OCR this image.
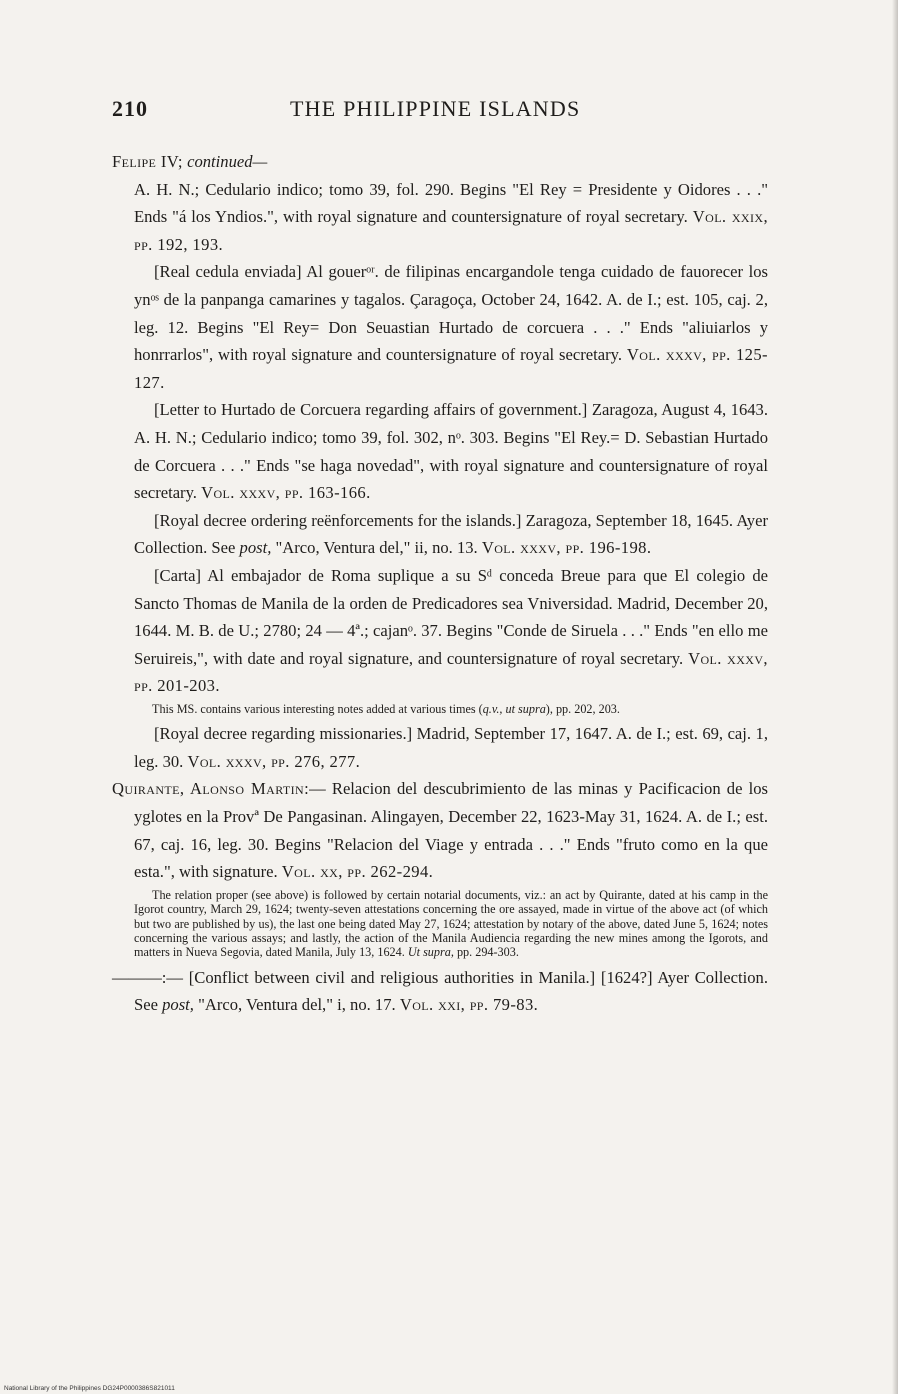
210	THE PHILIPPINE ISLANDS
Felipe IV; continued—
A. H. N.; Cedulario indico; tomo 39, fol. 290. Begins "El Rey = Presidente y Oidores . . ." Ends "á los Yndios.", with royal signature and countersignature of royal secretary. Vol. xxix, pp. 192, 193.
[Real cedula enviada] Al gouerᵒʳ. de filipinas encargandole tenga cuidado de fauorecer los ynᵒˢ de la panpanga camarines y tagalos. Çaragoça, October 24, 1642. A. de I.; est. 105, caj. 2, leg. 12. Begins "El Rey= Don Seuastian Hurtado de corcuera . . ." Ends "aliuiarlos y honrrarlos", with royal signature and countersignature of royal secretary. Vol. xxxv, pp. 125-127.
[Letter to Hurtado de Corcuera regarding affairs of government.] Zaragoza, August 4, 1643. A. H. N.; Cedulario indico; tomo 39, fol. 302, nᵒ. 303. Begins "El Rey.= D. Sebastian Hurtado de Corcuera . . ." Ends "se haga novedad", with royal signature and countersignature of royal secretary. Vol. xxxv, pp. 163-166.
[Royal decree ordering reënforcements for the islands.] Zaragoza, September 18, 1645. Ayer Collection. See post, "Arco, Ventura del," ii, no. 13. Vol. xxxv, pp. 196-198.
[Carta] Al embajador de Roma suplique a su Sᵈ conceda Breue para que El colegio de Sancto Thomas de Manila de la orden de Predicadores sea Vniversidad. Madrid, December 20, 1644. M. B. de U.; 2780; 24 — 4ª.; cajanᵒ. 37. Begins "Conde de Siruela . . ." Ends "en ello me Seruireis,", with date and royal signature, and countersignature of royal secretary. Vol. xxxv, pp. 201-203.
This MS. contains various interesting notes added at various times (q.v., ut supra), pp. 202, 203.
[Royal decree regarding missionaries.] Madrid, September 17, 1647. A. de I.; est. 69, caj. 1, leg. 30. Vol. xxxv, pp. 276, 277.
Quirante, Alonso Martin:— Relacion del descubrimiento de las minas y Pacificacion de los yglotes en la Provª De Pangasinan. Alingayen, December 22, 1623-May 31, 1624. A. de I.; est. 67, caj. 16, leg. 30. Begins "Relacion del Viage y entrada . . ." Ends "fruto como en la que esta.", with signature. Vol. xx, pp. 262-294.
The relation proper (see above) is followed by certain notarial documents, viz.: an act by Quirante, dated at his camp in the Igorot country, March 29, 1624; twenty-seven attestations concerning the ore assayed, made in virtue of the above act (of which but two are published by us), the last one being dated May 27, 1624; attestation by notary of the above, dated June 5, 1624; notes concerning the various assays; and lastly, the action of the Manila Audiencia regarding the new mines among the Igorots, and matters in Nueva Segovia, dated Manila, July 13, 1624. Ut supra, pp. 294-303.
———:— [Conflict between civil and religious authorities in Manila.] [1624?] Ayer Collection. See post, "Arco, Ventura del," i, no. 17. Vol. xxi, pp. 79-83.
National Library of the Philippines DG24P0000386S821011
